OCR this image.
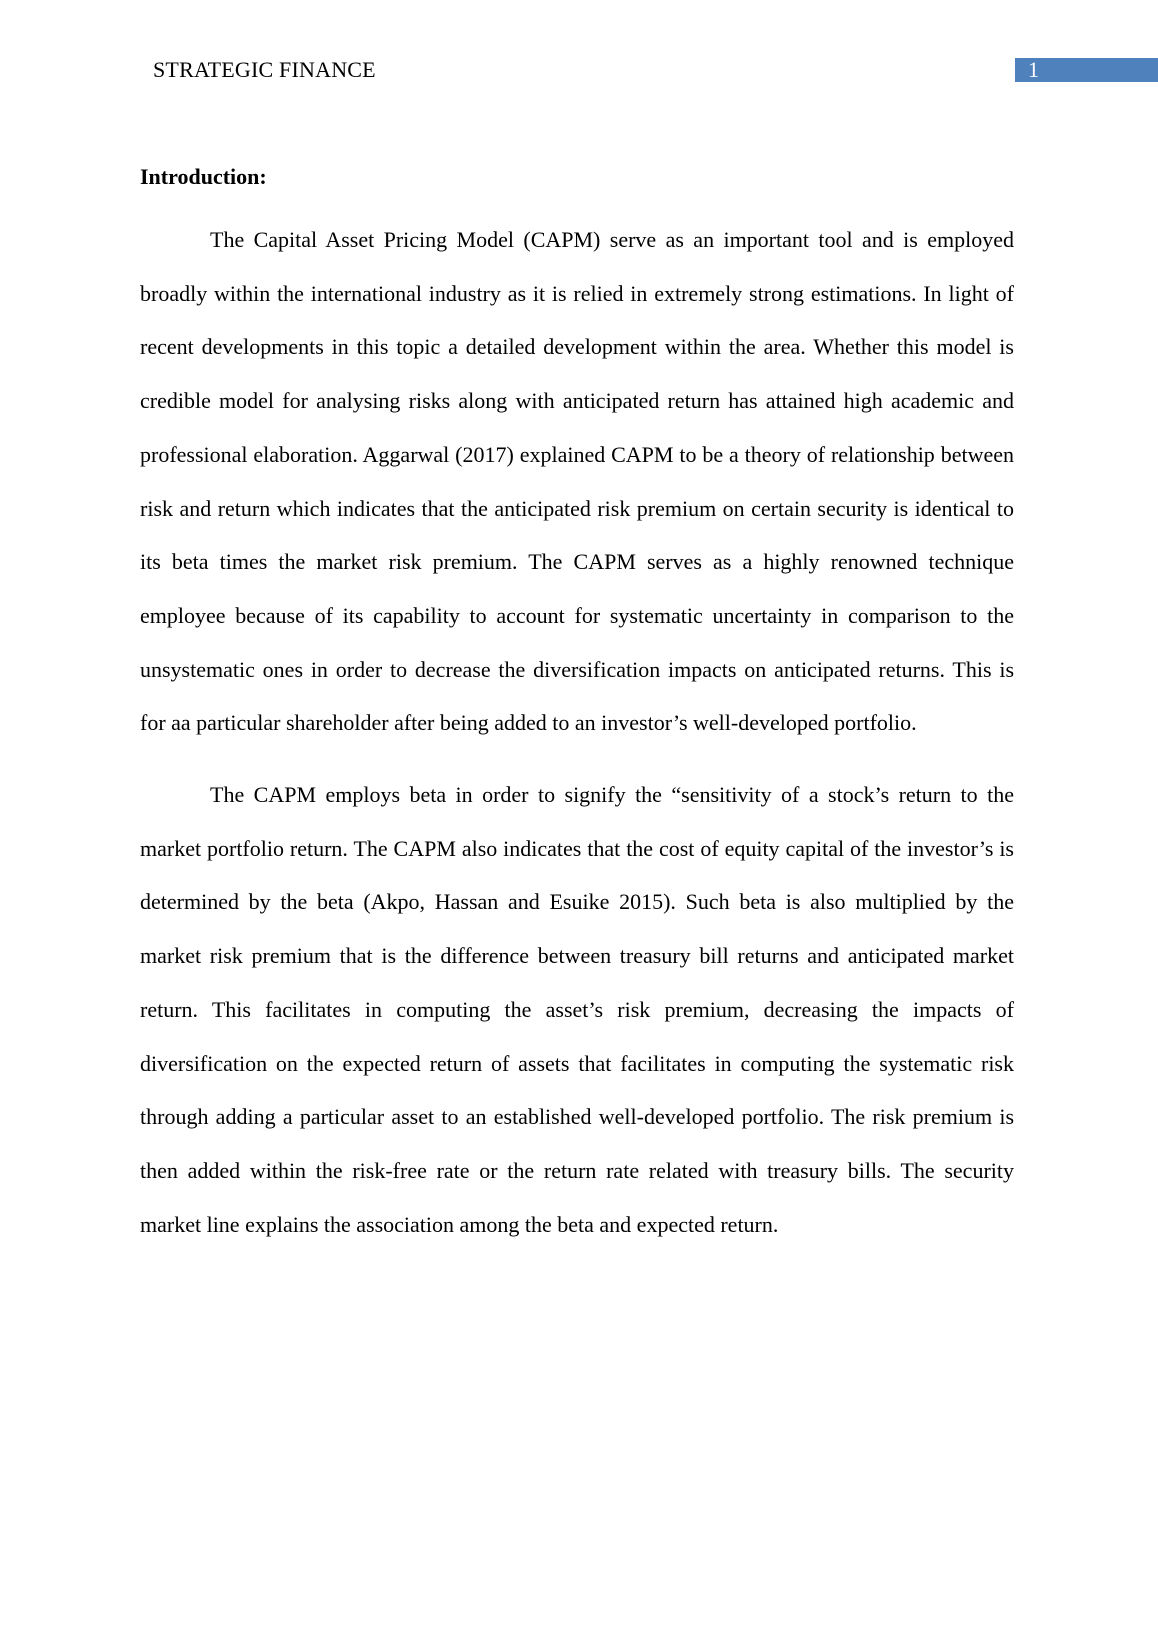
STRATEGIC FINANCE	1
Introduction:

The Capital Asset Pricing Model (CAPM) serve as an important tool and is employed broadly within the international industry as it is relied in extremely strong estimations. In light of recent developments in this topic a detailed development within the area. Whether this model is credible model for analysing risks along with anticipated return has attained high academic and professional elaboration. Aggarwal (2017) explained CAPM to be a theory of relationship between risk and return which indicates that the anticipated risk premium on certain security is identical to its beta times the market risk premium. The CAPM serves as a highly renowned technique employee because of its capability to account for systematic uncertainty in comparison to the unsystematic ones in order to decrease the diversification impacts on anticipated returns. This is for aa particular shareholder after being added to an investor’s well-developed portfolio.

The CAPM employs beta in order to signify the “sensitivity of a stock’s return to the market portfolio return. The CAPM also indicates that the cost of equity capital of the investor’s is determined by the beta (Akpo, Hassan and Esuike 2015). Such beta is also multiplied by the market risk premium that is the difference between treasury bill returns and anticipated market return. This facilitates in computing the asset’s risk premium, decreasing the impacts of diversification on the expected return of assets that facilitates in computing the systematic risk through adding a particular asset to an established well-developed portfolio. The risk premium is then added within the risk-free rate or the return rate related with treasury bills. The security market line explains the association among the beta and expected return.
